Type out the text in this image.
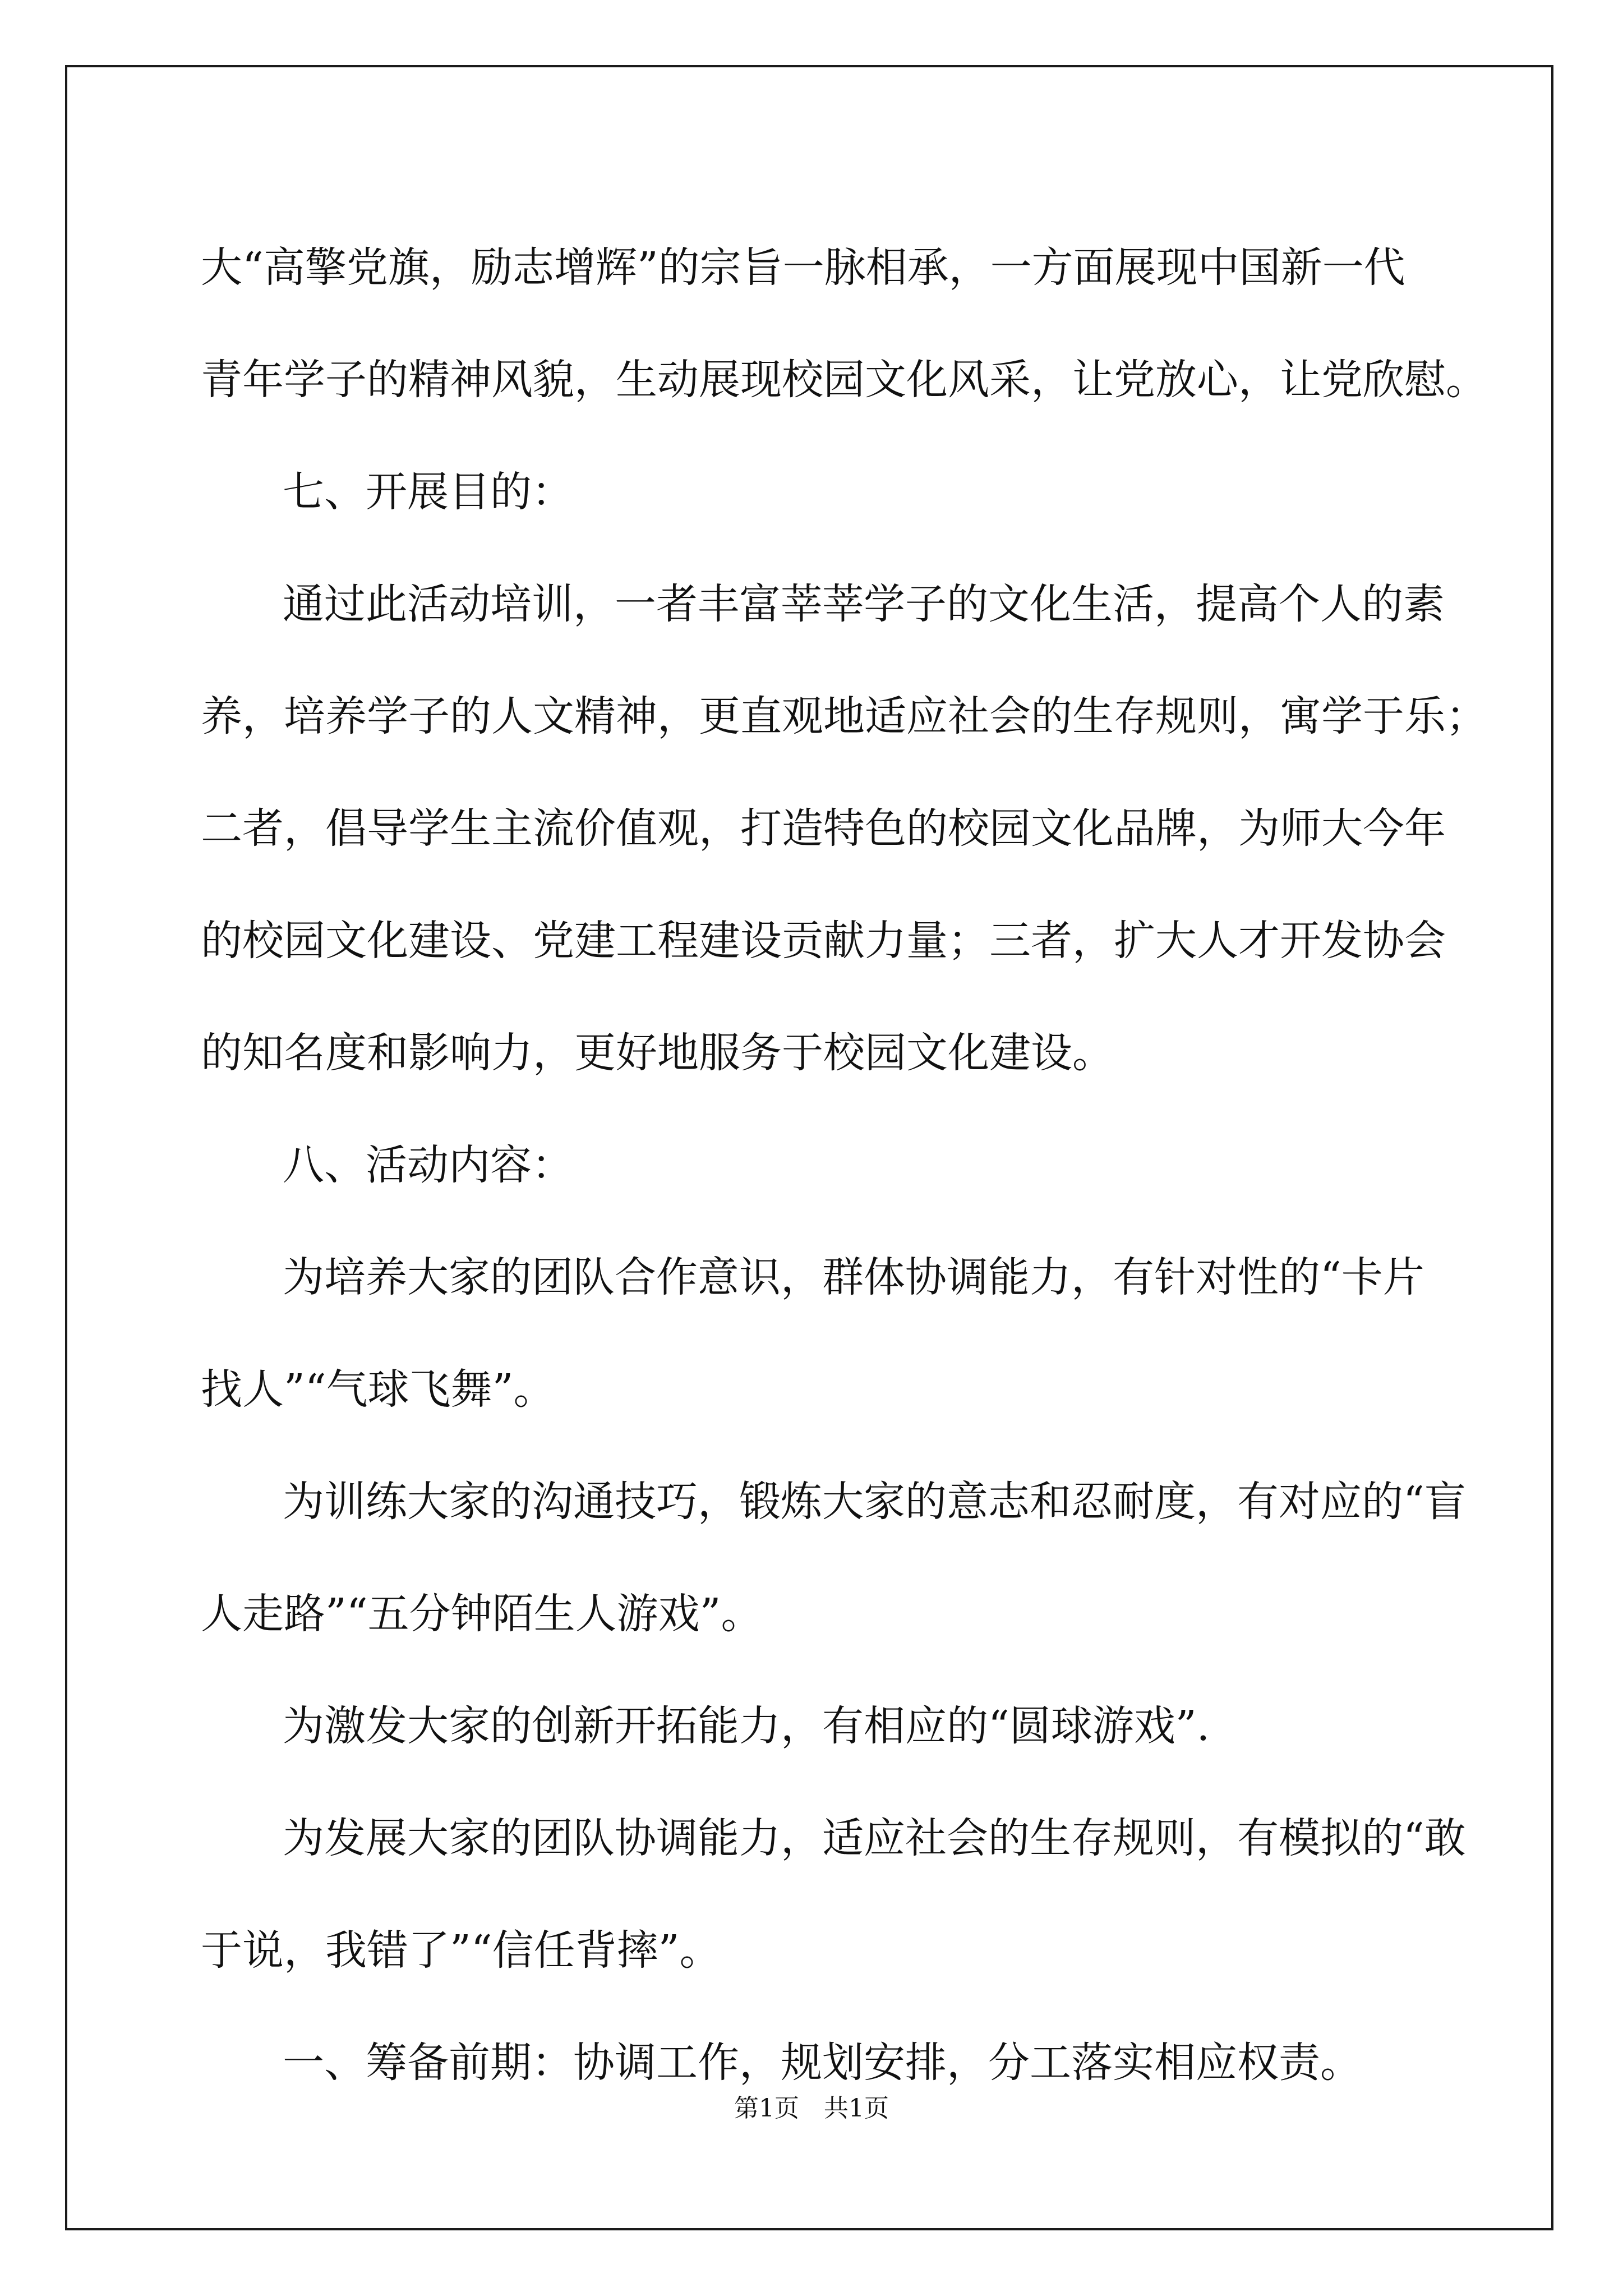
大“高擎党旗，励志增辉”的宗旨一脉相承，一方面展现中国新一代

青年学子的精神风貌，生动展现校园文化风采，让党放心，让党欣慰。

七、开展目的：

通过此活动培训，一者丰富莘莘学子的文化生活，提高个人的素

养，培养学子的人文精神，更直观地适应社会的生存规则，寓学于乐；

二者，倡导学生主流价值观，打造特色的校园文化品牌，为师大今年

的校园文化建设、党建工程建设贡献力量；三者，扩大人才开发协会

的知名度和影响力，更好地服务于校园文化建设。

八、活动内容：

为培养大家的团队合作意识，群体协调能力，有针对性的“卡片

找人”“气球飞舞”。

为训练大家的沟通技巧，锻炼大家的意志和忍耐度，有对应的“盲

人走路”“五分钟陌生人游戏”。

为激发大家的创新开拓能力，有相应的“圆球游戏”.

为发展大家的团队协调能力，适应社会的生存规则，有模拟的“敢

于说，我错了”“信任背摔”。

一、筹备前期：协调工作，规划安排，分工落实相应权责。

第1页 共1页
